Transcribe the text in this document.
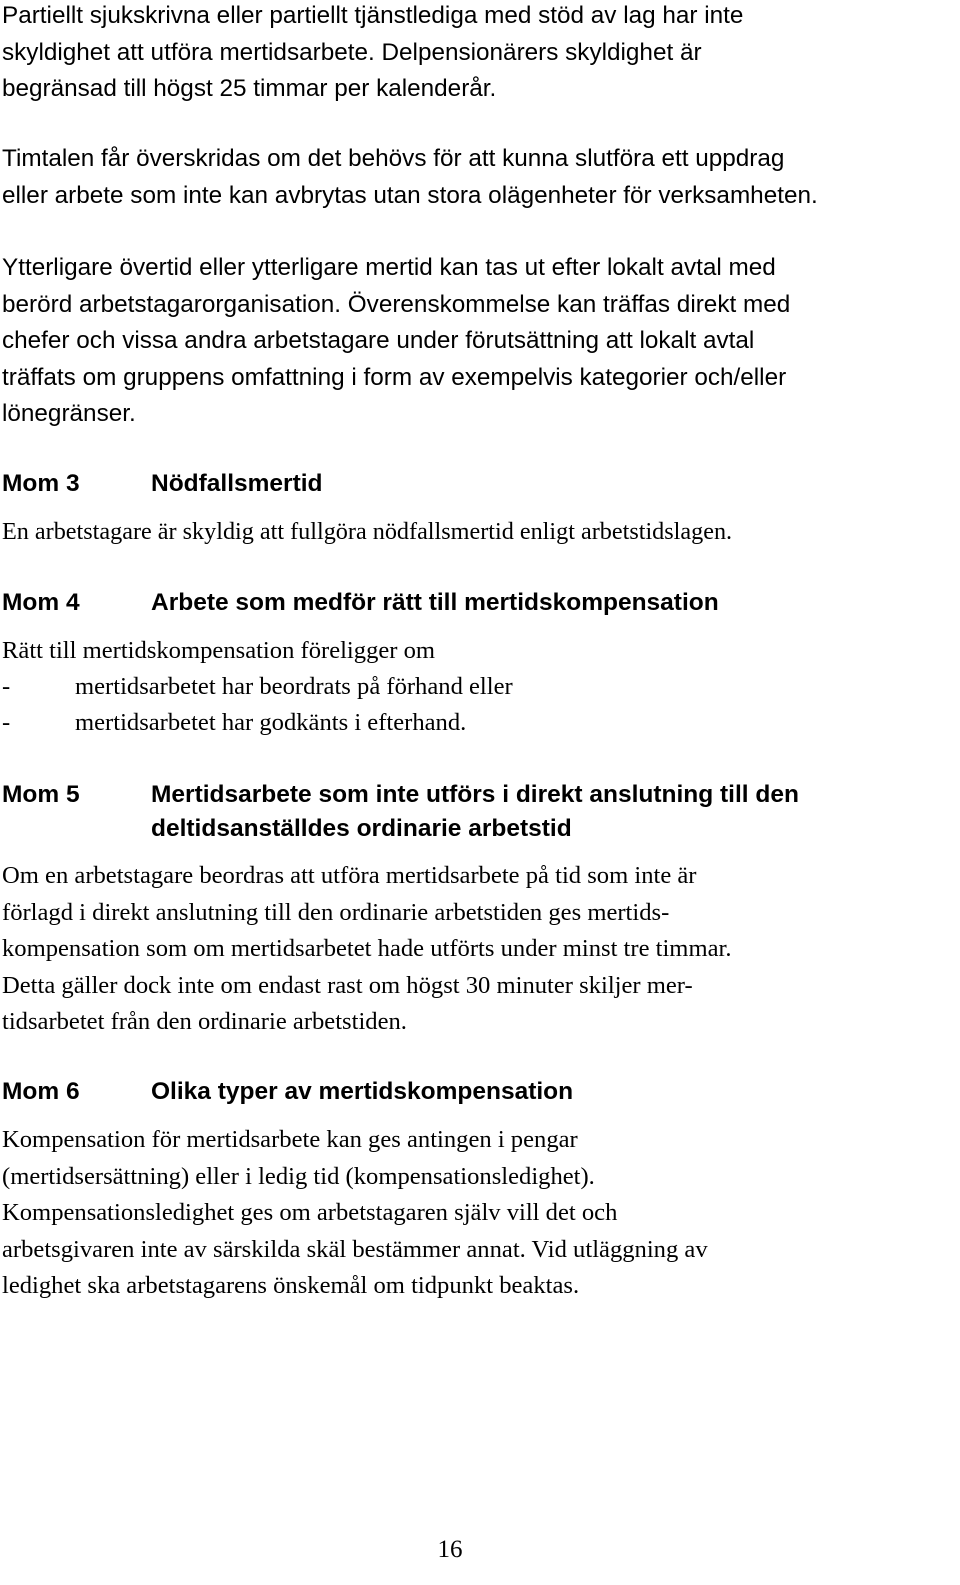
Partiellt sjukskrivna eller partiellt tjänstlediga med stöd av lag har inte
skyldighet att utföra mertidsarbete. Delpensionärers skyldighet är
begränsad till högst 25 timmar per kalenderår.
Timtalen får överskridas om det behövs för att kunna slutföra ett uppdrag
eller arbete som inte kan avbrytas utan stora olägenheter för verksamheten.
Ytterligare övertid eller ytterligare mertid kan tas ut efter lokalt avtal med
berörd arbetstagarorganisation. Överenskommelse kan träffas direkt med
chefer och vissa andra arbetstagare under förutsättning att lokalt avtal
träffats om gruppens omfattning i form av exempelvis kategorier och/eller
lönegränser.
Mom 3	Nödfallsmertid
En arbetstagare är skyldig att fullgöra nödfallsmertid enligt arbetstidslagen.
Mom 4	Arbete som medför rätt till mertidskompensation
Rätt till mertidskompensation föreligger om
-	mertidsarbetet har beordrats på förhand eller
-	mertidsarbetet har godkänts i efterhand.
Mom 5	Mertidsarbete som inte utförs i direkt anslutning till den
deltidsanställdes ordinarie arbetstid
Om en arbetstagare beordras att utföra mertidsarbete på tid som inte är
förlagd i direkt anslutning till den ordinarie arbetstiden ges mertids-
kompensation som om mertidsarbetet hade utförts under minst tre timmar.
Detta gäller dock inte om endast rast om högst 30 minuter skiljer mer-
tidsarbetet från den ordinarie arbetstiden.
Mom 6	Olika typer av mertidskompensation
Kompensation för mertidsarbete kan ges antingen i pengar
(mertidsersättning) eller i ledig tid (kompensationsledighet).
Kompensationsledighet ges om arbetstagaren själv vill det och
arbetsgivaren inte av särskilda skäl bestämmer annat. Vid utläggning av
ledighet ska arbetstagarens önskemål om tidpunkt beaktas.
16
